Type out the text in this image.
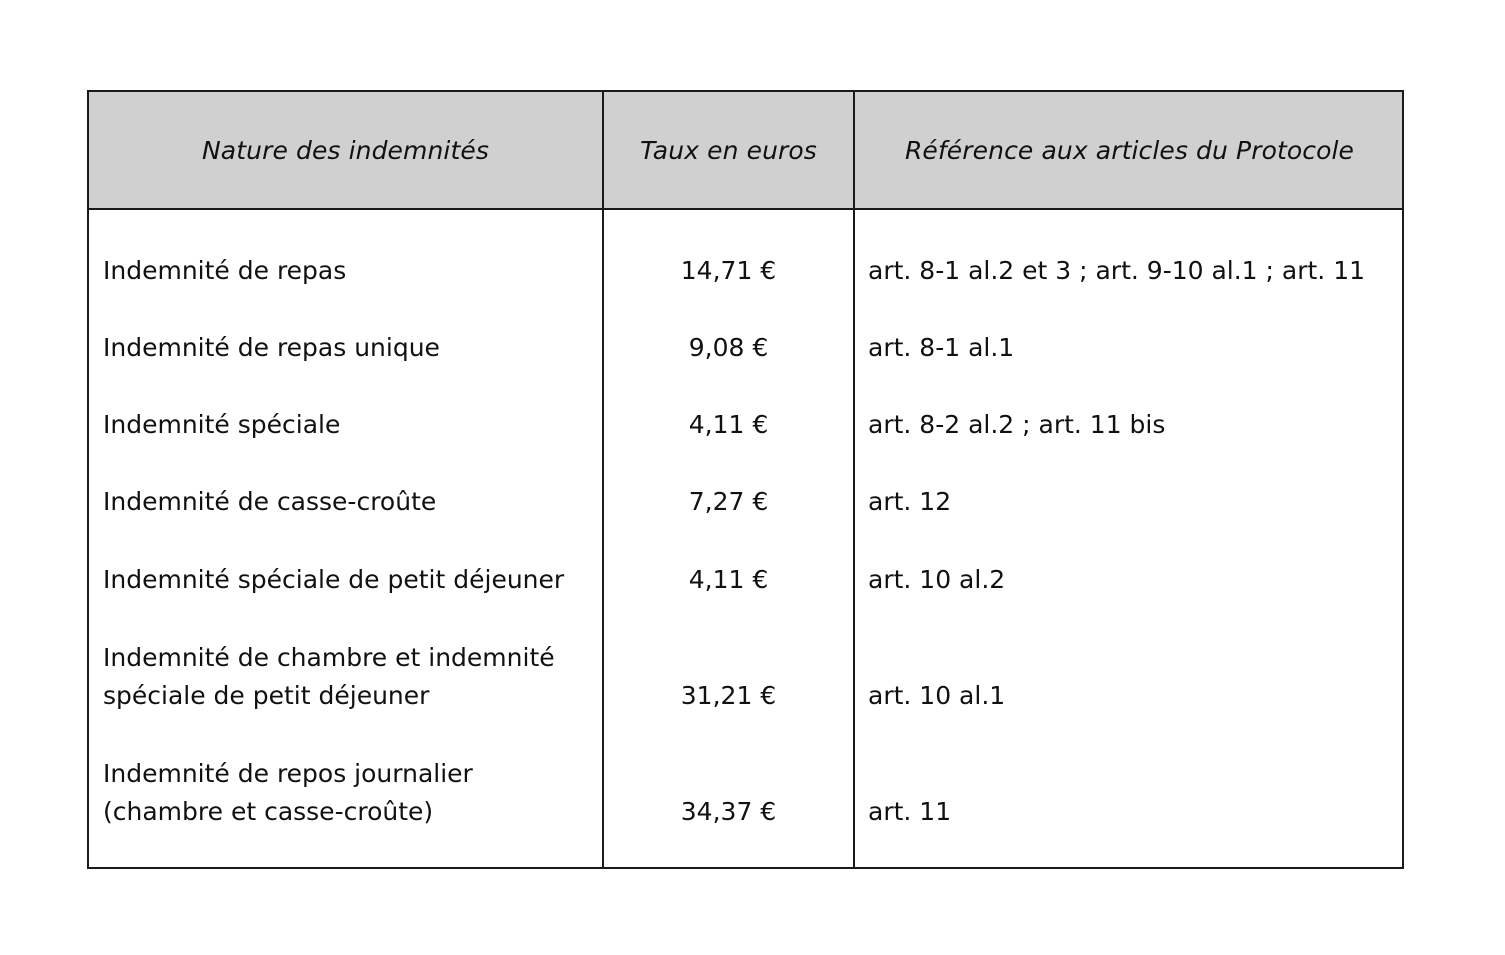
Nature des indemnités	Taux en euros	Référence aux articles du Protocole
Indemnité de repas	14,71 €	art. 8-1 al.2 et 3 ; art. 9-10 al.1 ; art. 11
Indemnité de repas unique	9,08 €	art. 8-1 al.1
Indemnité spéciale	4,11 €	art. 8-2 al.2 ; art. 11 bis
Indemnité de casse-croûte	7,27 €	art. 12
Indemnité spéciale de petit déjeuner	4,11 €	art. 10 al.2
Indemnité de chambre et indemnité
spéciale de petit déjeuner	31,21 €	art. 10 al.1
Indemnité de repos journalier
(chambre et casse-croûte)	34,37 €	art. 11
